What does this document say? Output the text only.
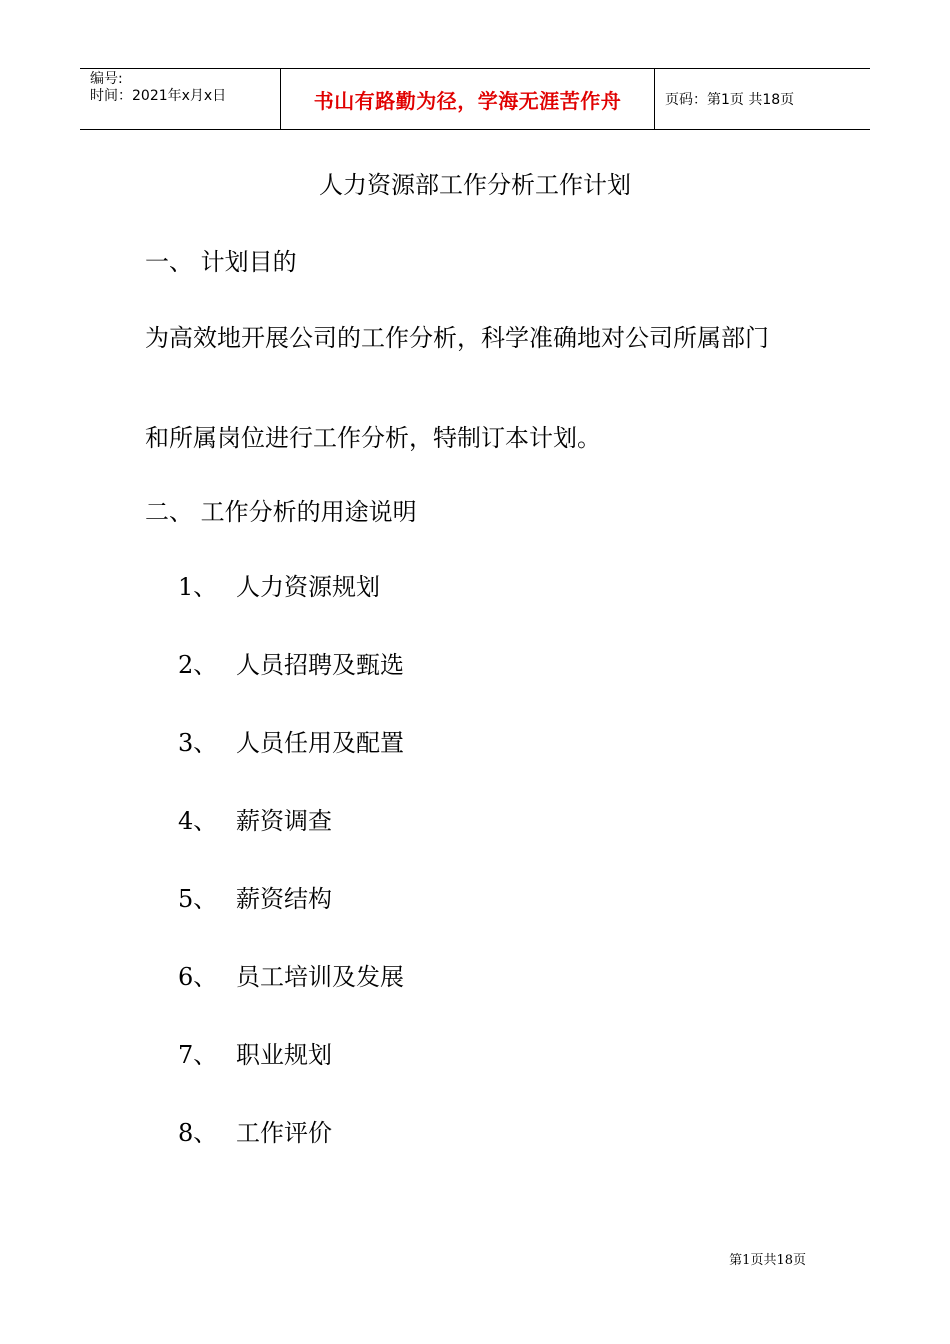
编号:
时间：2021年x月x日	书山有路勤为径，学海无涯苦作舟	页码：第1页 共18页
人力资源部工作分析工作计划
一、 计划目的
为高效地开展公司的工作分析，科学准确地对公司所属部门
和所属岗位进行工作分析，特制订本计划。
二、 工作分析的用途说明
1、 人力资源规划
2、 人员招聘及甄选
3、 人员任用及配置
4、 薪资调查
5、 薪资结构
6、 员工培训及发展
7、 职业规划
8、 工作评价
第1页共18页
